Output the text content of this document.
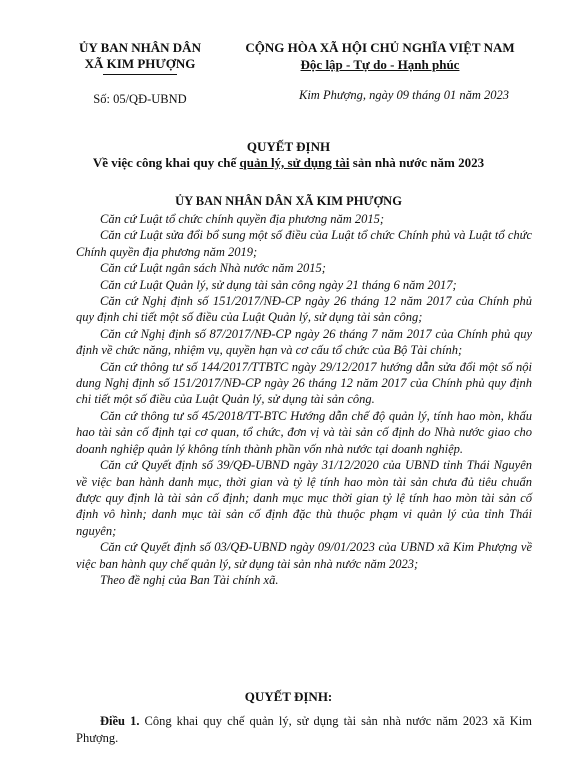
ỦY BAN NHÂN DÂN
XÃ KIM PHƯỢNG
Số: 05/QĐ-UBND
CỘNG HÒA XÃ HỘI CHỦ NGHĨA VIỆT NAM
Độc lập - Tự do - Hạnh phúc
Kim Phượng, ngày 09 tháng 01 năm 2023
QUYẾT ĐỊNH
Về việc công khai quy chế quản lý, sử dụng tài sản nhà nước năm 2023
ỦY BAN NHÂN DÂN XÃ KIM PHƯỢNG

Căn cứ Luật tổ chức chính quyền địa phương năm 2015;

Căn cứ Luật sửa đổi bổ sung một số điều của Luật tổ chức Chính phủ và Luật tổ chức Chính quyền địa phương năm 2019;

Căn cứ Luật ngân sách Nhà nước năm 2015;

Căn cứ Luật Quản lý, sử dụng tài sản công ngày 21 tháng 6 năm 2017;

Căn cứ Nghị định số 151/2017/NĐ-CP ngày 26 tháng 12 năm 2017 của Chính phủ quy định chi tiết một số điều của Luật Quản lý, sử dụng tài sản công;

Căn cứ Nghị định số 87/2017/NĐ-CP ngày 26 tháng 7 năm 2017 của Chính phủ quy định về chức năng, nhiệm vụ, quyền hạn và cơ cấu tổ chức của Bộ Tài chính;

Căn cứ thông tư số 144/2017/TTBTC ngày 29/12/2017 hướng dẫn sửa đổi một số nội dung Nghị định số 151/2017/NĐ-CP ngày 26 tháng 12 năm 2017 của Chính phủ quy định chi tiết một số điều của Luật Quản lý, sử dụng tài sản công.

Căn cứ thông tư số 45/2018/TT-BTC Hướng dẫn chế độ quản lý, tính hao mòn, khấu hao tài sản cố định tại cơ quan, tổ chức, đơn vị và tài sản cố định do Nhà nước giao cho doanh nghiệp quản lý không tính thành phần vốn nhà nước tại doanh nghiệp.

Căn cứ Quyết định số 39/QĐ-UBND ngày 31/12/2020 của UBND tỉnh Thái Nguyên về việc ban hành danh mục, thời gian và tỷ lệ tính hao mòn tài sản chưa đủ tiêu chuẩn được quy định là tài sản cố định; danh mục mục thời gian tỷ lệ tính hao mòn tài sản cố định vô hình; danh mục tài sản cố định đặc thù thuộc phạm vi quản lý của tỉnh Thái nguyên;

Căn cứ Quyết định số 03/QĐ-UBND ngày 09/01/2023 của UBND xã Kim Phượng về việc ban hành quy chế quản lý, sử dụng tài sản nhà nước năm 2023;

Theo đề nghị của Ban Tài chính xã.

QUYẾT ĐỊNH:
Điều 1. Công khai quy chế quản lý, sử dụng tài sản nhà nước năm 2023 xã Kim Phượng.
